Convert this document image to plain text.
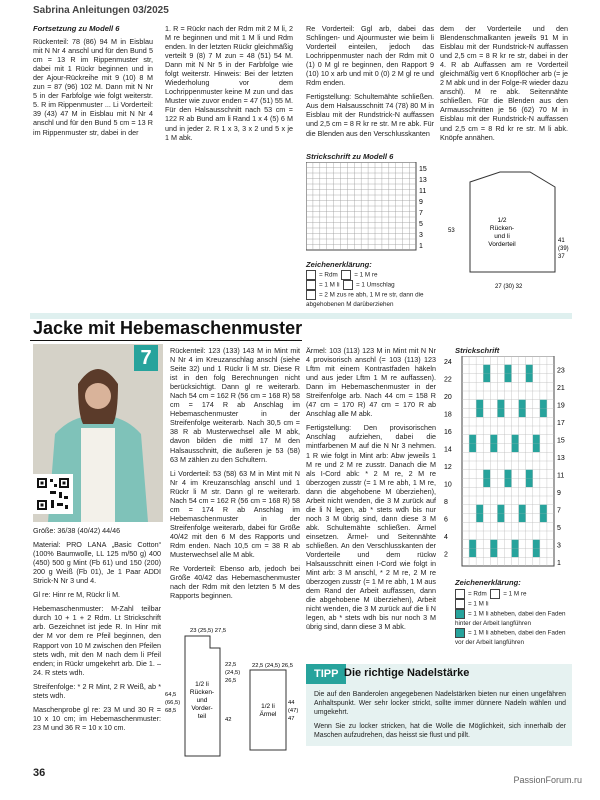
Sabrina Anleitungen 03/2025
Fortsetzung zu Modell 6

Rückenteil: 78 (86) 94 M in Eisblau mit N Nr 4 anschl und für den Bund 5 cm = 13 R im Rippenmuster str, dabei mit 1 Rückr beginnen und in der Ajour-Rückreihe mit 9 (10) 8 M zun = 87 (96) 102 M. Dann mit N Nr 5 in der Farbfolge wie folgt weiterstr. 5. R im Rippenmuster ... Li Vorderteil: 39 (43) 47 M in Eisblau mit N Nr 4 anschl und für den Bund 5 cm = 13 R im Rippenmuster str, dabei in der

1. R = Rückr nach der Rdm mit 2 M li, 2 M re beginnen und mit 1 M li und Rdm enden. In der letzten Rückr gleichmäßig verteilt 9 (8) 7 M zun = 48 (51) 54 M. Dann mit N Nr 5 in der Farbfolge wie folgt weiterstr. Hinweis: Bei der letzten Wiederholung vor dem Lochrippenmuster keine M zun und das Muster wie zuvor enden = 47 (51) 55 M. Für den Halsausschnitt nach 53 cm = 122 R ab Bund am li Rand 1 x 4 (5) 6 M und in jeder 2. R 1 x 3, 3 x 2 und 5 x je 1 M abk.

Re Vorderteil: Ggl arb, dabei das Schlingen- und Ajourmuster wie beim li Vorderteil einteilen, jedoch das Lochrippenmuster nach der Rdm mit 0 (1) 0 M gl re beginnen, den Rapport 9 (10) 10 x arb und mit 0 (0) 2 M gl re und Rdm enden.

Fertigstellung: Schultemähte schließen. Aus dem Halsausschnitt 74 (78) 80 M in Eisblau mit der Rundstrick-N auffassen und 2,5 cm = 8 R kr re str. M re abk. Für die Blenden aus den Verschlusskanten

dem der Vorderteile und den Blendenschmalkanten jeweils 91 M in Eisblau mit der Rundstrick-N auffassen und 2,5 cm = 8 R kr re str, dabei in der 4. R ab Auffassen am re Vorderteil gleichmäßig vert 6 Knopflöcher arb (= je 2 M abk und in der Folge-R wieder dazu anschl). M re abk. Seitennähte schließen. Für die Blenden aus den Armausschnitten je 56 (62) 70 M in Eisblau mit der Rundstrick-N auffassen und 2,5 cm = 8 Rd kr re str. M li abk. Knöpfe annähen.

Strickschrift zu Modell 6
15
13
11
9
7
5
3
1
Zeichenerklärung:
= Rdm	= 1 M re
= 1 M li	= 1 Umschlag
= 2 M zus re abh, 1 M re str, dann die abgehobenen M darüberziehen
1/2
Rücken-
und li
Vorderteil
53
41
(39)
37
27 (30) 32
Jacke mit Hebemaschenmuster
7

Größe: 36/38 (40/42) 44/46

Material: PRO LANA „Basic Cotton“ (100% Baumwolle, LL 125 m/50 g) 400 (450) 500 g Mint (Fb 61) und 150 (200) 200 g Weiß (Fb 01), Je 1 Paar ADDI Strick-N Nr 3 und 4.

Gl re: Hinr re M, Rückr li M.

Hebemaschenmuster: M-Zahl teilbar durch 10 + 1 + 2 Rdm. Lt Strickschrift arb. Gezeichnet ist jede R. In Hinr mit der M vor dem re Pfeil beginnen, den Rapport von 10 M zwischen den Pfeilen stets wdh, mit den M nach dem li Pfeil enden; in Rückr umgekehrt arb. Die 1. – 24. R stets wdh.

Streifenfolge: * 2 R Mint, 2 R Weiß, ab * stets wdh.

Maschenprobe gl re: 23 M und 30 R = 10 x 10 cm; im Hebemaschenmuster: 23 M und 36 R = 10 x 10 cm.

Rückenteil: 123 (133) 143 M in Mint mit N Nr 4 im Kreuzanschlag anschl (siehe Seite 32) und 1 Rückr li M str. Diese R ist in den folg Berechnungen nicht berücksichtigt. Dann gl re weiterarb. Nach 54 cm = 162 R (56 cm = 168 R) 58 cm = 174 R ab Anschlag im Hebemaschenmuster in der Streifenfolge weiterarb. Nach 30,5 cm = 38 R ab Musterwechsel alle M abk, davon bilden die mittl 17 M den Halsausschnitt, die äußeren je 53 (58) 63 M zählen zu den Schultern.

Li Vorderteil: 53 (58) 63 M in Mint mit N Nr 4 im Kreuzanschlag anschl und 1 Rückr li M str. Dann gl re weiterarb. Nach 54 cm = 162 R (56 cm = 168 R) 58 cm = 174 R ab Anschlag im Hebemaschenmuster in der Streifenfolge weiterarb, dabei für Größe 40/42 mit den 6 M des Rapports und Rdm enden. Nach 10,5 cm = 38 R ab Musterwechsel alle M abk.

Re Vorderteil: Ebenso arb, jedoch bei Größe 40/42 das Hebemaschenmuster nach der Rdm mit den letzten 5 M des Rapports beginnen.

Ärmel: 103 (113) 123 M in Mint mit N Nr 4 provisorisch anschl (= 103 (113) 123 Lftm mit einem Kontrastfaden häkeln und aus jeder Lftm 1 M re auffassen). Dann im Hebemaschenmuster in der Streifenfolge arb. Nach 44 cm = 158 R (47 cm = 170 R) 47 cm = 170 R ab Anschlag alle M abk.

Fertigstellung: Den provisorischen Anschlag aufziehen, dabei die mintfarbenen M auf die N Nr 3 nehmen. 1 R wie folgt in Mint arb: Abw jeweils 1 M re und 2 M re zusstr. Danach die M als I-Cord abk: * 2 M re, 2 M re überzogen zusstr (= 1 M re abh, 1 M re, dann die abgehobene M überziehen), Arbeit nicht wenden, die 3 M zurück auf die li N legen, ab * stets wdh bis nur noch 3 M übrig sind, dann diese 3 M abk. Schultemähte schließen. Ärmel einsetzen. Ärmel- und Seitennähte schließen. An den Verschlusskanten der Vorderteile und dem rückw Halsausschnitt einen I-Cord wie folgt in Mint arb: 3 M anschl, * 2 M re, 2 M re überzogen zusstr (= 1 M re abh, 1 M aus dem Rand der Arbeit auffassen, dann die abgehobene M überziehen), Arbeit nicht wenden, die 3 M zurück auf die li N legen, ab * stets wdh bis nur noch 3 M übrig sind, dann diese 3 M abk.

Strickschrift
24
22
20
18
16
14
12
10
8
6
4
2
23
21
19
17
15
13
11
9
7
5
3
1
Zeichenerklärung:
= Rdm	= 1 M re
= 1 M li
= 1 M li abheben, dabei den Faden hinter der Arbeit langführen
= 1 M li abheben, dabei den Faden vor der Arbeit langführen
1/2 li
Rücken-
und
Vorder-
teil
64,5
(66,5)
68,5
22,5
(24,5)
26,5
42
23 (25,5) 27,5
1/2 li
Ärmel
44
(47)
47
22,5 (24,5) 26,5
TIPP Die richtige Nadelstärke

Die auf den Banderolen angegebenen Nadelstärken bieten nur einen ungefähren Anhaltspunkt. Wer sehr locker strickt, sollte immer dünnere Nadeln wählen und umgekehrt.

Wenn Sie zu locker stricken, hat die Wolle die Möglichkeit, sich innerhalb der Maschen aufzudrehen, das heisst sie flust und pillt.

36
PassionForum.ru
